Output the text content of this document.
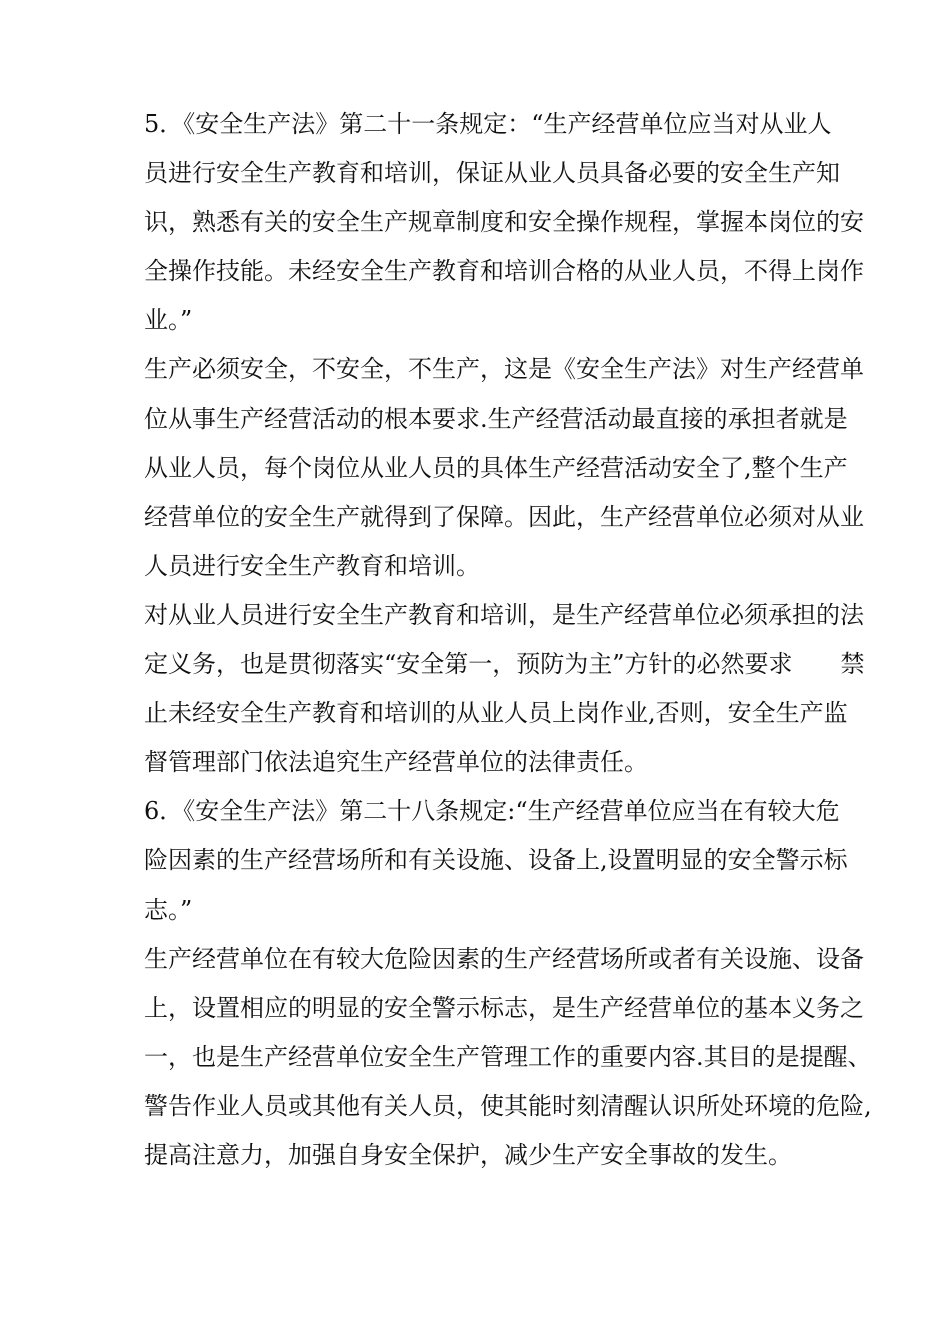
5．《安全生产法》第二十一条规定：“生产经营单位应当对从业人
员进行安全生产教育和培训，保证从业人员具备必要的安全生产知
识，熟悉有关的安全生产规章制度和安全操作规程，掌握本岗位的安
全操作技能。未经安全生产教育和培训合格的从业人员，不得上岗作
业。”
生产必须安全，不安全，不生产，这是《安全生产法》对生产经营单
位从事生产经营活动的根本要求.生产经营活动最直接的承担者就是
从业人员，每个岗位从业人员的具体生产经营活动安全了,整个生产
经营单位的安全生产就得到了保障。因此，生产经营单位必须对从业
人员进行安全生产教育和培训。
对从业人员进行安全生产教育和培训，是生产经营单位必须承担的法
定义务，也是贯彻落实“安全第一，预防为主”方针的必然要求　　禁
止未经安全生产教育和培训的从业人员上岗作业,否则，安全生产监
督管理部门依法追究生产经营单位的法律责任。
6．《安全生产法》第二十八条规定:“生产经营单位应当在有较大危
险因素的生产经营场所和有关设施、设备上,设置明显的安全警示标
志。”
生产经营单位在有较大危险因素的生产经营场所或者有关设施、设备
上，设置相应的明显的安全警示标志，是生产经营单位的基本义务之
一，也是生产经营单位安全生产管理工作的重要内容.其目的是提醒、
警告作业人员或其他有关人员，使其能时刻清醒认识所处环境的危险,
提高注意力，加强自身安全保护，减少生产安全事故的发生。
